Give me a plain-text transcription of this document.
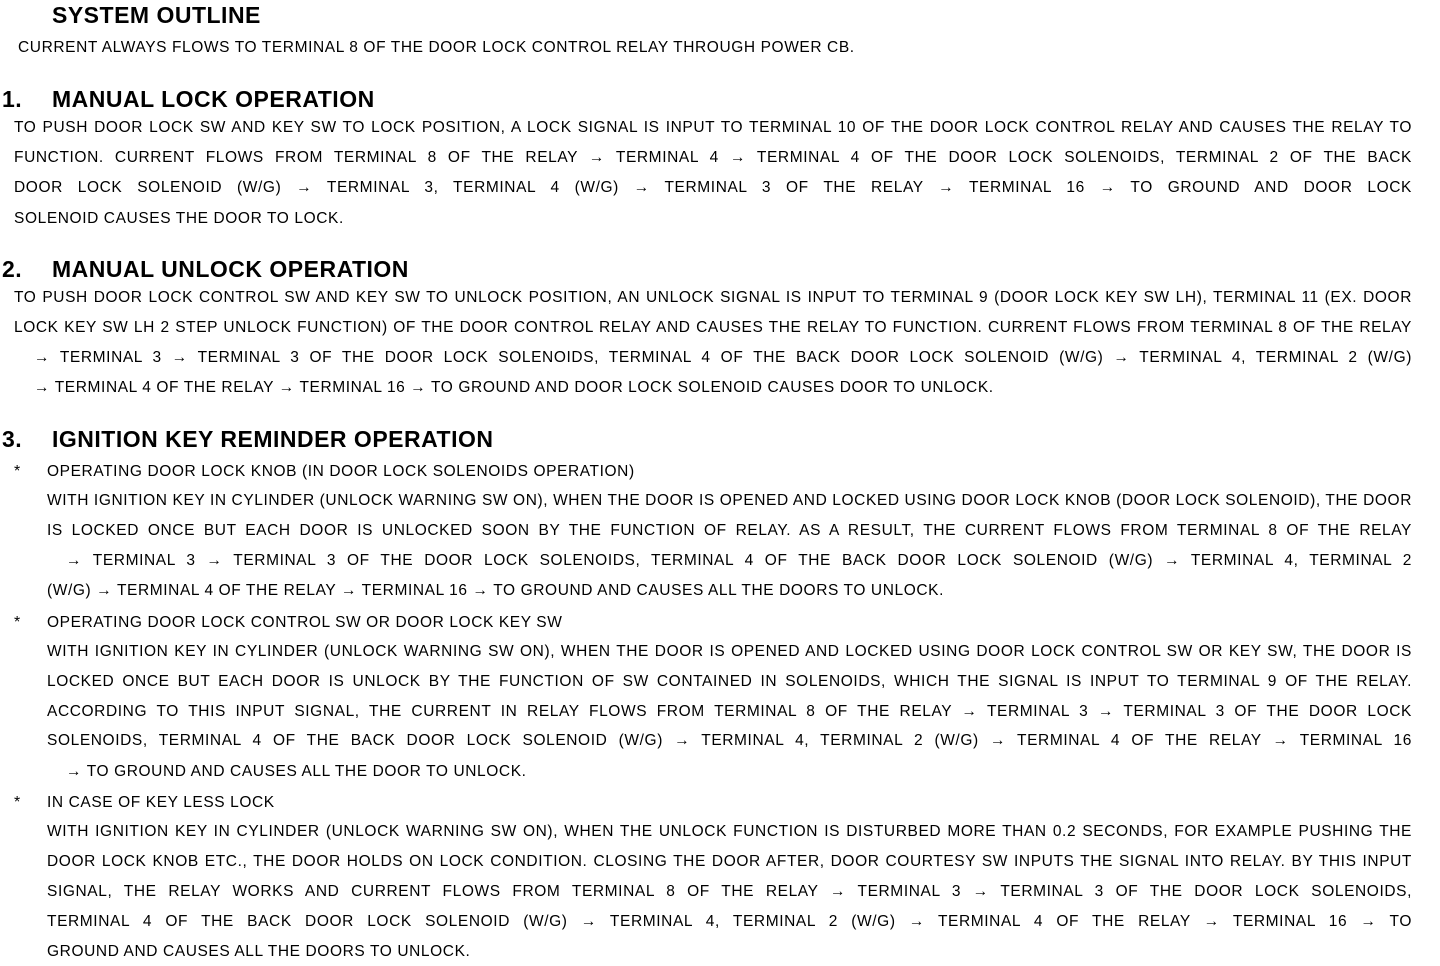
SYSTEM OUTLINE
CURRENT ALWAYS FLOWS TO TERMINAL 8 OF THE DOOR LOCK CONTROL RELAY THROUGH POWER CB.
1. MANUAL LOCK OPERATION
TO PUSH DOOR LOCK SW AND KEY SW TO LOCK POSITION, A LOCK SIGNAL IS INPUT TO TERMINAL 10 OF THE DOOR LOCK CONTROL RELAY AND CAUSES THE RELAY TO
FUNCTION. CURRENT FLOWS FROM TERMINAL 8 OF THE RELAY → TERMINAL 4 → TERMINAL 4 OF THE DOOR LOCK SOLENOIDS, TERMINAL 2 OF THE BACK
DOOR LOCK SOLENOID (W/G) → TERMINAL 3, TERMINAL 4 (W/G) → TERMINAL 3 OF THE RELAY → TERMINAL 16 → TO GROUND AND DOOR LOCK
SOLENOID CAUSES THE DOOR TO LOCK.
2. MANUAL UNLOCK OPERATION
TO PUSH DOOR LOCK CONTROL SW AND KEY SW TO UNLOCK POSITION, AN UNLOCK SIGNAL IS INPUT TO TERMINAL 9 (DOOR LOCK KEY SW LH), TERMINAL 11 (EX. DOOR
LOCK KEY SW LH 2 STEP UNLOCK FUNCTION) OF THE DOOR CONTROL RELAY AND CAUSES THE RELAY TO FUNCTION. CURRENT FLOWS FROM TERMINAL 8 OF THE RELAY
→ TERMINAL 3 → TERMINAL 3 OF THE DOOR LOCK SOLENOIDS, TERMINAL 4 OF THE BACK DOOR LOCK SOLENOID (W/G) → TERMINAL 4, TERMINAL 2 (W/G)
→ TERMINAL 4 OF THE RELAY → TERMINAL 16 → TO GROUND AND DOOR LOCK SOLENOID CAUSES DOOR TO UNLOCK.
3. IGNITION KEY REMINDER OPERATION
* OPERATING DOOR LOCK KNOB (IN DOOR LOCK SOLENOIDS OPERATION)
WITH IGNITION KEY IN CYLINDER (UNLOCK WARNING SW ON), WHEN THE DOOR IS OPENED AND LOCKED USING DOOR LOCK KNOB (DOOR LOCK SOLENOID), THE DOOR
IS LOCKED ONCE BUT EACH DOOR IS UNLOCKED SOON BY THE FUNCTION OF RELAY. AS A RESULT, THE CURRENT FLOWS FROM TERMINAL 8 OF THE RELAY
→ TERMINAL 3 → TERMINAL 3 OF THE DOOR LOCK SOLENOIDS, TERMINAL 4 OF THE BACK DOOR LOCK SOLENOID (W/G) → TERMINAL 4, TERMINAL 2
(W/G) → TERMINAL 4 OF THE RELAY → TERMINAL 16 → TO GROUND AND CAUSES ALL THE DOORS TO UNLOCK.
* OPERATING DOOR LOCK CONTROL SW OR DOOR LOCK KEY SW
WITH IGNITION KEY IN CYLINDER (UNLOCK WARNING SW ON), WHEN THE DOOR IS OPENED AND LOCKED USING DOOR LOCK CONTROL SW OR KEY SW, THE DOOR IS
LOCKED ONCE BUT EACH DOOR IS UNLOCK BY THE FUNCTION OF SW CONTAINED IN SOLENOIDS, WHICH THE SIGNAL IS INPUT TO TERMINAL 9 OF THE RELAY.
ACCORDING TO THIS INPUT SIGNAL, THE CURRENT IN RELAY FLOWS FROM TERMINAL 8 OF THE RELAY → TERMINAL 3 → TERMINAL 3 OF THE DOOR LOCK
SOLENOIDS, TERMINAL 4 OF THE BACK DOOR LOCK SOLENOID (W/G) → TERMINAL 4, TERMINAL 2 (W/G) → TERMINAL 4 OF THE RELAY → TERMINAL 16
→ TO GROUND AND CAUSES ALL THE DOOR TO UNLOCK.
* IN CASE OF KEY LESS LOCK
WITH IGNITION KEY IN CYLINDER (UNLOCK WARNING SW ON), WHEN THE UNLOCK FUNCTION IS DISTURBED MORE THAN 0.2 SECONDS, FOR EXAMPLE PUSHING THE
DOOR LOCK KNOB ETC., THE DOOR HOLDS ON LOCK CONDITION. CLOSING THE DOOR AFTER, DOOR COURTESY SW INPUTS THE SIGNAL INTO RELAY. BY THIS INPUT
SIGNAL, THE RELAY WORKS AND CURRENT FLOWS FROM TERMINAL 8 OF THE RELAY → TERMINAL 3 → TERMINAL 3 OF THE DOOR LOCK SOLENOIDS,
TERMINAL 4 OF THE BACK DOOR LOCK SOLENOID (W/G) → TERMINAL 4, TERMINAL 2 (W/G) → TERMINAL 4 OF THE RELAY → TERMINAL 16 → TO
GROUND AND CAUSES ALL THE DOORS TO UNLOCK.
